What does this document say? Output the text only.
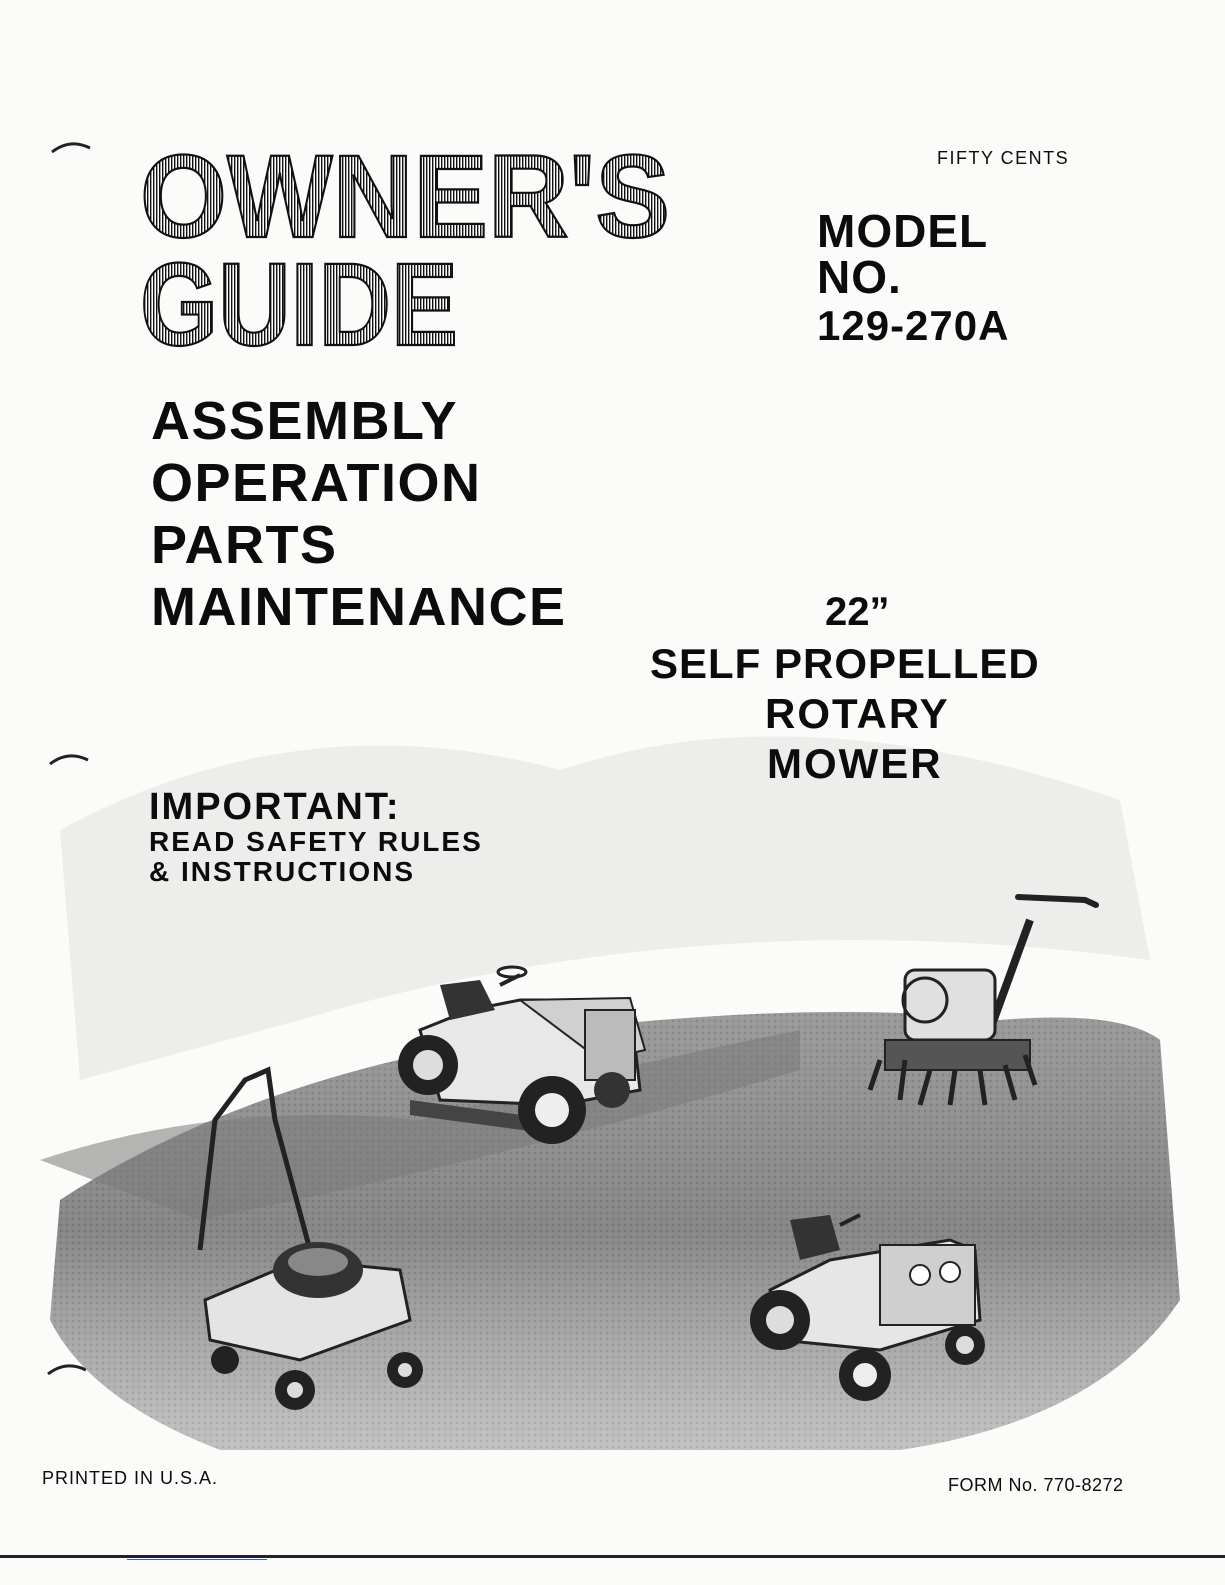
OWNER'S
GUIDE
FIFTY CENTS
MODEL
NO.
129-270A
ASSEMBLY
OPERATION
PARTS
MAINTENANCE	22”
SELF PROPELLED
ROTARY
MOWER
IMPORTANT:
READ SAFETY RULES
& INSTRUCTIONS
PRINTED IN U.S.A.	FORM No. 770-8272
